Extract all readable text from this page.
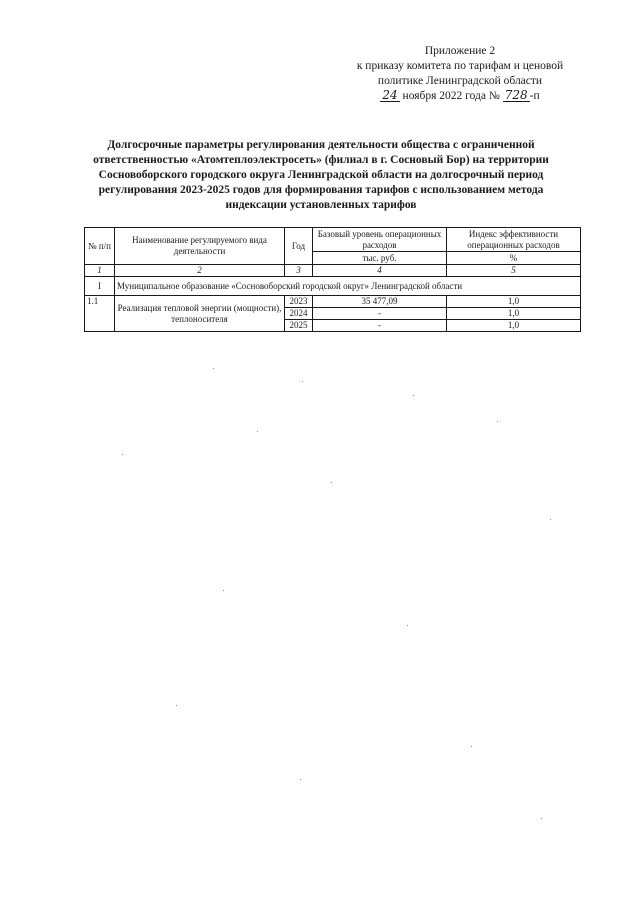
Приложение 2
к приказу комитета по тарифам и ценовой
политике Ленинградской области
24 ноября 2022 года № 728 -п
Долгосрочные параметры регулирования деятельности общества с ограниченной ответственностью «Атомтеплоэлектросеть» (филиал в г. Сосновый Бор) на территории Сосновоборского городского округа Ленинградской области на долгосрочный период регулирования 2023-2025 годов для формирования тарифов с использованием метода индексации установленных тарифов
№ п/п	Наименование регулируемого вида деятельности	Год	Базовый уровень операционных расходов	Индекс эффективности операционных расходов
			тыс. руб.	%
1	2	3	4	5
I	Муниципальное образование «Сосновоборский городской округ» Ленинградской области			
1.1	Реализация тепловой энергии (мощности), теплоносителя	2023	35 477,09	1,0
		2024	-	1,0
		2025	-	1,0
